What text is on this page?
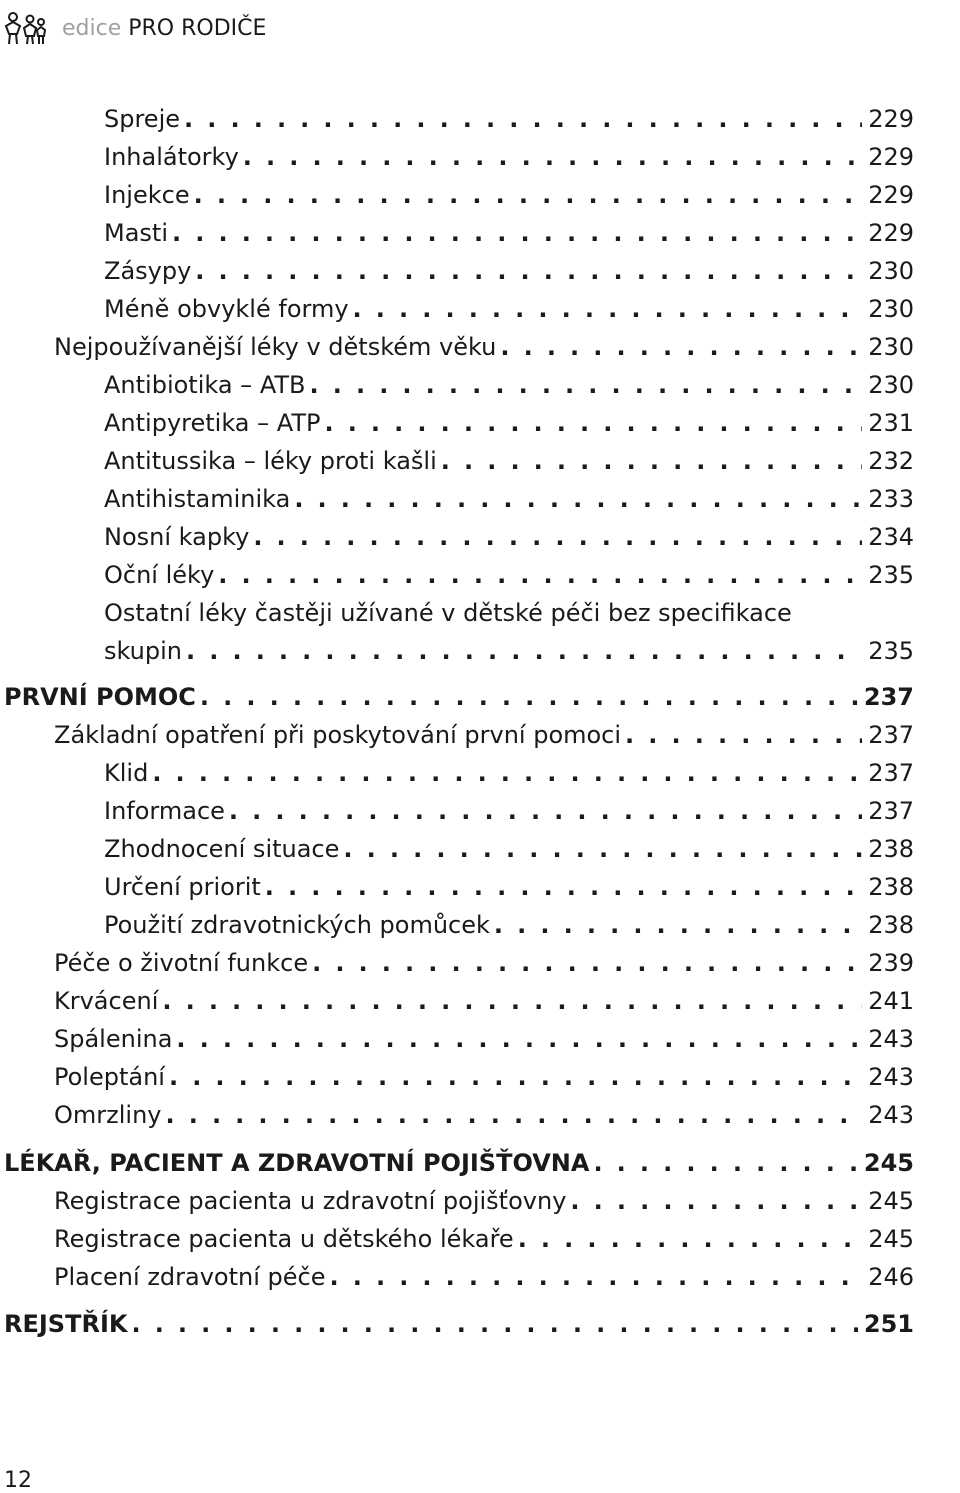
edice PRO RODIČE
Spreje . . .	229
Inhalátorky . . .	229
Injekce . . .	229
Masti . . .	229
Zásypy . . .	230
Méně obvyklé formy . . .	230
Nejpoužívanější léky v dětském věku . . .	230
Antibiotika – ATB . . .	230
Antipyretika – ATP . . .	231
Antitussika – léky proti kašli . . .	232
Antihistaminika . . .	233
Nosní kapky . . .	234
Oční léky . . .	235
Ostatní léky častěji užívané v dětské péči bez specifikace
skupin . . .	235
PRVNÍ POMOC . . .	237
Základní opatření při poskytování první pomoci . . .	237
Klid . . .	237
Informace . . .	237
Zhodnocení situace . . .	238
Určení priorit . . .	238
Použití zdravotnických pomůcek . . .	238
Péče o životní funkce . . .	239
Krvácení . . .	241
Spálenina . . .	243
Poleptání . . .	243
Omrzliny . . .	243
LÉKAŘ, PACIENT A ZDRAVOTNÍ POJIŠŤOVNA . . .	245
Registrace pacienta u zdravotní pojišťovny . . .	245
Registrace pacienta u dětského lékaře . . .	245
Placení zdravotní péče . . .	246
REJSTŘÍK . . .	251
12
